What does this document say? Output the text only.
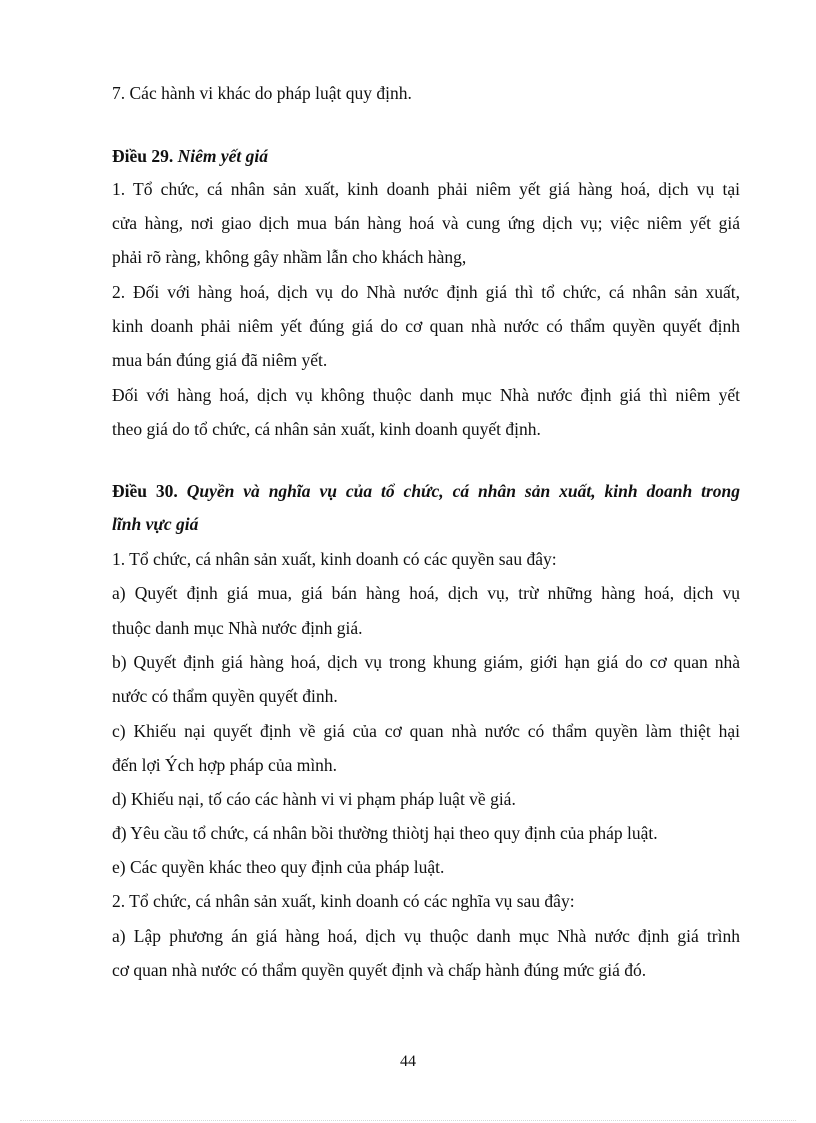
7. Các hành vi khác do pháp luật quy định.
Điều 29. Niêm yết giá
1. Tổ chức, cá nhân sản xuất, kinh doanh phải niêm yết giá hàng hoá, dịch vụ tại
cửa hàng, nơi giao dịch mua bán hàng hoá và cung ứng dịch vụ; việc niêm yết giá
phải rõ ràng, không gây nhầm lẫn cho khách hàng,
2. Đối với hàng hoá, dịch vụ do Nhà nước định giá thì tổ chức, cá nhân sản xuất,
kinh doanh phải niêm yết đúng giá do cơ quan nhà nước có thẩm quyền quyết định
mua bán đúng giá đã niêm yết.
Đối với hàng hoá, dịch vụ không thuộc danh mục Nhà nước định giá thì niêm yết
theo giá do tổ chức, cá nhân sản xuất, kinh doanh quyết định.
Điều 30. Quyền và nghĩa vụ của tổ chức, cá nhân sản xuất, kinh doanh trong
lĩnh vực giá
1. Tổ chức, cá nhân sản xuất, kinh doanh có các quyền sau đây:
a) Quyết định giá mua, giá bán hàng hoá, dịch vụ, trừ những hàng hoá, dịch vụ
thuộc danh mục Nhà nước định giá.
b) Quyết định giá hàng hoá, dịch vụ trong khung giám, giới hạn giá do cơ quan nhà
nước có thẩm quyền quyết đinh.
c) Khiếu nại quyết định về giá của cơ quan nhà nước có thẩm quyền làm thiệt hại
đến lợi Ých hợp pháp của mình.
d) Khiếu nại, tố cáo các hành vi vi phạm pháp luật về giá.
đ) Yêu cầu tổ chức, cá nhân bồi thường thiòtj hại theo quy định của pháp luật.
e) Các quyền khác theo quy định của pháp luật.
2. Tổ chức, cá nhân sản xuất, kinh doanh có các nghĩa vụ sau đây:
a) Lập phương án giá hàng hoá, dịch vụ thuộc danh mục Nhà nước định giá trình
cơ quan nhà nước có thẩm quyền quyết định và chấp hành đúng mức giá đó.
44
